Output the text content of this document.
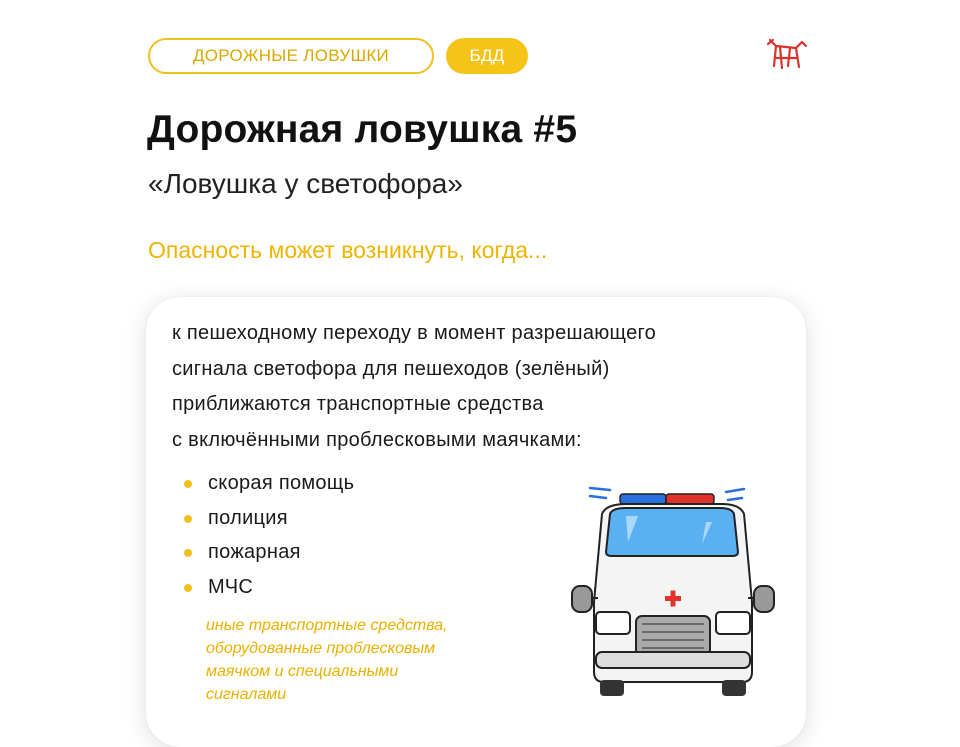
ДОРОЖНЫЕ ЛОВУШКИ	БДД
Дорожная ловушка #5
«Ловушка у светофора»

Опасность может возникнуть, когда...

к пешеходному переходу в момент разрешающего
сигнала светофора для пешеходов (зелёный)
приближаются транспортные средства
с включёнными проблесковыми маячками:

скорая помощь
полиция
пожарная
МЧС

иные транспортные средства,
оборудованные проблесковым
маячком и специальными
сигналами
